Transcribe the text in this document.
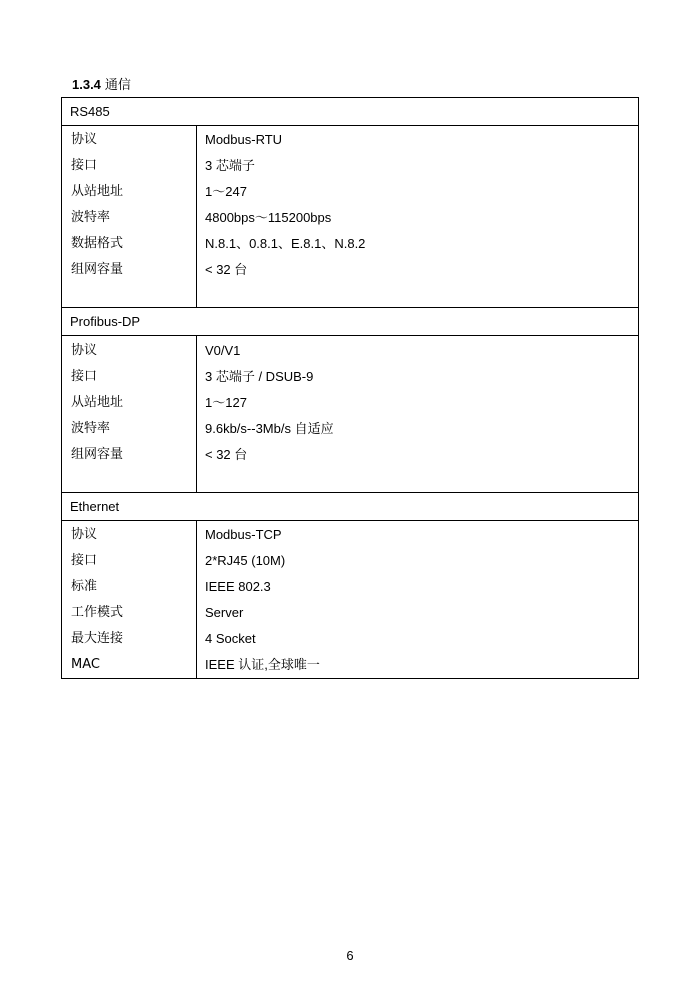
1.3.4 通信
RS485
协议
接口
从站地址
波特率
数据格式
组网容量
Modbus-RTU
3 芯端子
1～247
4800bps～115200bps
N.8.1、0.8.1、E.8.1、N.8.2
< 32 台
Profibus-DP
协议
接口
从站地址
波特率
组网容量
V0/V1
3 芯端子 / DSUB-9
1～127
9.6kb/s--3Mb/s 自适应
< 32 台
Ethernet
协议
接口
标准
工作模式
最大连接
MAC
Modbus-TCP
2*RJ45 (10M)
IEEE 802.3
Server
4 Socket
IEEE 认证,全球唯一
6
